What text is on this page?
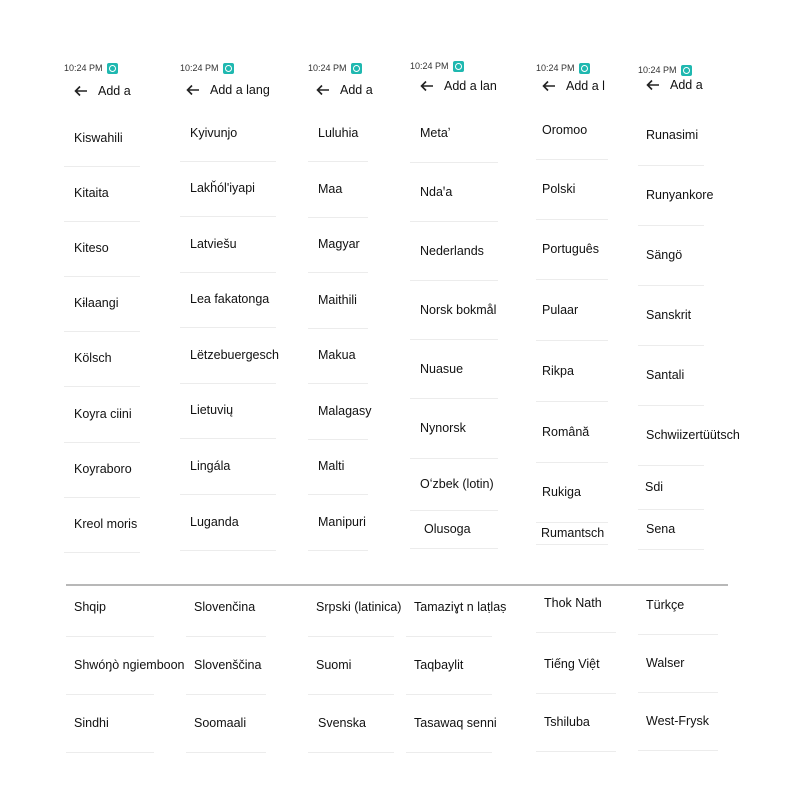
10:24 PM
Add a
Kiswahili
Kitaita
Kiteso
Kɨlaangi
Kölsch
Koyra ciini
Koyraboro
Kreol moris
10:24 PM
Add a lang
Kyivunjo
Lakȟól'iyapi
Latviešu
Lea fakatonga
Lëtzebuergesch
Lietuvių
Lingála
Luganda
10:24 PM
Add a
Luluhia
Maa
Magyar
Maithili
Makua
Malagasy
Malti
Manipuri
10:24 PM
Add a lan
Metaʼ
Ndaꞌa
Nederlands
Norsk bokmål
Nuasue
Nynorsk
Oʻzbek (lotin)
Olusoga
10:24 PM
Add a l
Oromoo
Polski
Português
Pulaar
Rikpa
Română
Rukiga
Rumantsch
10:24 PM
Add a
Runasimi
Runyankore
Sängö
Sanskrit
Santali
Schwiizertüütsch
Sdi
Sena
Shqip
Shwóŋò ngiemboon
Sindhi
Slovenčina
Slovenščina
Soomaali
Srpski (latinica)
Suomi
Svenska
Tamaziɣt n laṭlaṣ
Taqbaylit
Tasawaq senni
Thok Nath
Tiếng Việt
Tshiluba
Türkçe
Walser
West-Frysk
